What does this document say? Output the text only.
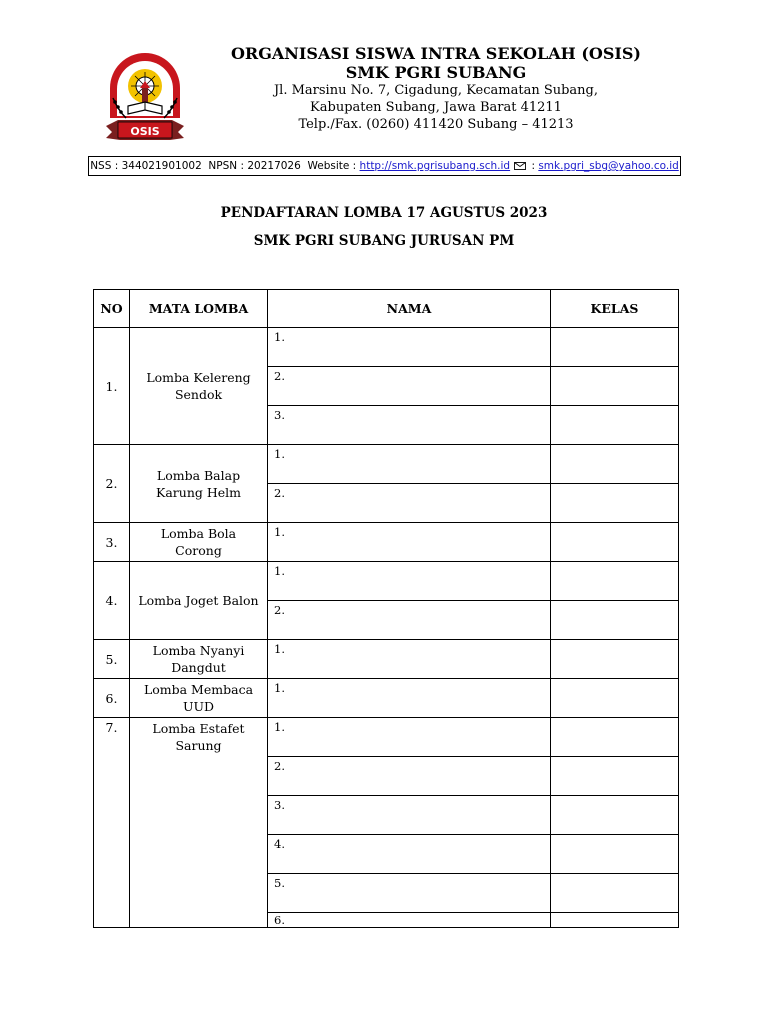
OSIS
ORGANISASI SISWA INTRA SEKOLAH (OSIS)
SMK PGRI SUBANG
Jl. Marsinu No. 7, Cigadung, Kecamatan Subang,
Kabupaten Subang, Jawa Barat 41211
Telp./Fax. (0260) 411420 Subang – 41213
NSS : 344021901002  NPSN : 20217026  Website : http://smk.pgrisubang.sch.id : smk.pgri_sbg@yahoo.co.id
PENDAFTARAN LOMBA 17 AGUSTUS 2023
SMK PGRI SUBANG JURUSAN PM
NO	MATA LOMBA	NAMA	KELAS
1.	Lomba Kelereng Sendok	1.	
		2.	
		3.	
2.	Lomba Balap Karung Helm	1.	
		2.	
3.	Lomba Bola Corong	1.	
4.	Lomba Joget Balon	1.	
		2.	
5.	Lomba Nyanyi Dangdut	1.	
6.	Lomba Membaca UUD	1.	
7.	Lomba Estafet Sarung	1.	
		2.	
		3.	
		4.	
		5.	
		6.	
